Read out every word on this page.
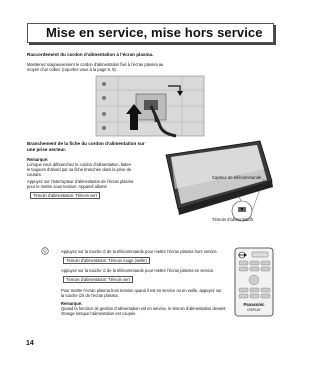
Mise en service, mise hors service
Raccordement du cordon d’alimentation à l’écran plasma.
Maintenez soigneusement le cordon d’alimentation fixé à l’écran plasma au
moyen d’un collier. (reportez-vous à la page 8, 9)
Branchement de la fiche du cordon d’alimentation sur
une prise secteur.
Remarque:
Lorsque vous débranchez le cordon d’alimentation, faites-
le toujours d’abord par sa fiche branchée dans la prise de
courant.
Appuyez sur l’interrupteur d’alimentation de l’écran plasma
pour le mettre sous tension: Appareil allumé.
Témoin d’alimentation: Témoin vert
Capteur de télécommande
Témoin d’alimentation
⏻	Appuyez sur la touche ⏻ de la télécommande pour mettre l’écran plasma hors service.
Témoin d’alimentation: Témoin rouge (veille)
Appuyez sur la touche ⏻ de la télécommande pour mettre l’écran plasma en service.
Témoin d’alimentation: Témoin vert
Pour mettre l’écran plasma hors tension quand il est en service ou en veille, appuyez sur
la touche ⏻/I de l’écran plasma.
Remarque:
Quand la fonction de gestion d’alimentation est en service, le témoin d’alimentation devient
Orange lorsque l’alimentation est coupée.
Panasonic
DISPLAY
14
